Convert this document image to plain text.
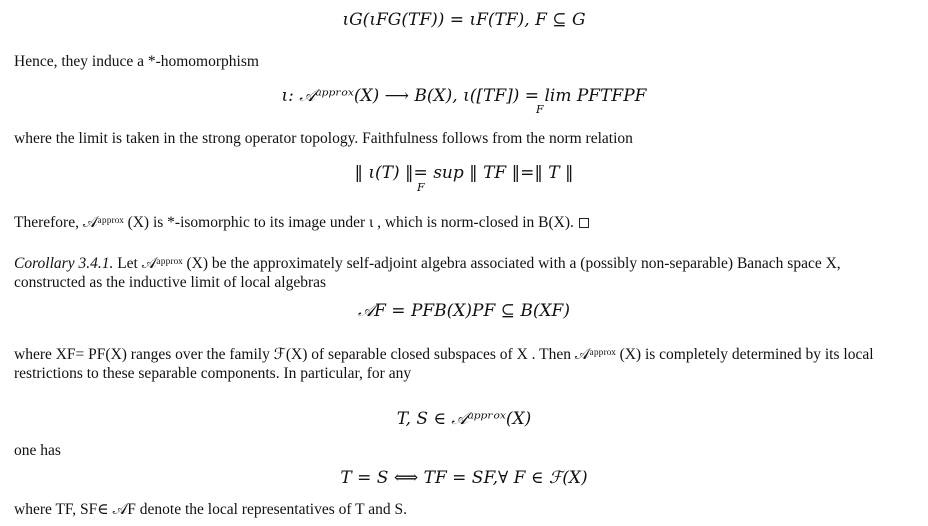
ιG(ιFG(TF)) = ιF(TF), F ⊆ G
Hence, they induce a *-homomorphism
ι: 𝒜ᵃᵖᵖʳᵒˣ(X) ⟶ B(X), ι([TF]) = lim PFTFPF
F
where the limit is taken in the strong operator topology. Faithfulness follows from the norm relation
‖ ι(T) ‖= sup ‖ TF ‖=‖ T ‖
F
Therefore, 𝒜ᵃᵖᵖʳᵒˣ (X) is *-isomorphic to its image under ι , which is norm-closed in B(X).
Corollary 3.4.1. Let 𝒜ᵃᵖᵖʳᵒˣ (X) be the approximately self-adjoint algebra associated with a (possibly non-separable) Banach space X, constructed as the inductive limit of local algebras
𝒜F = PFB(X)PF ⊆ B(XF)
where XF= PF(X) ranges over the family ℱ(X) of separable closed subspaces of X . Then 𝒜ᵃᵖᵖʳᵒˣ (X) is completely determined by its local restrictions to these separable components. In particular, for any
T, S ∈ 𝒜ᵃᵖᵖʳᵒˣ(X)
one has
T = S ⟺ TF = SF,∀ F ∈ ℱ(X)
where TF, SF∈ 𝒜F denote the local representatives of T and S.
